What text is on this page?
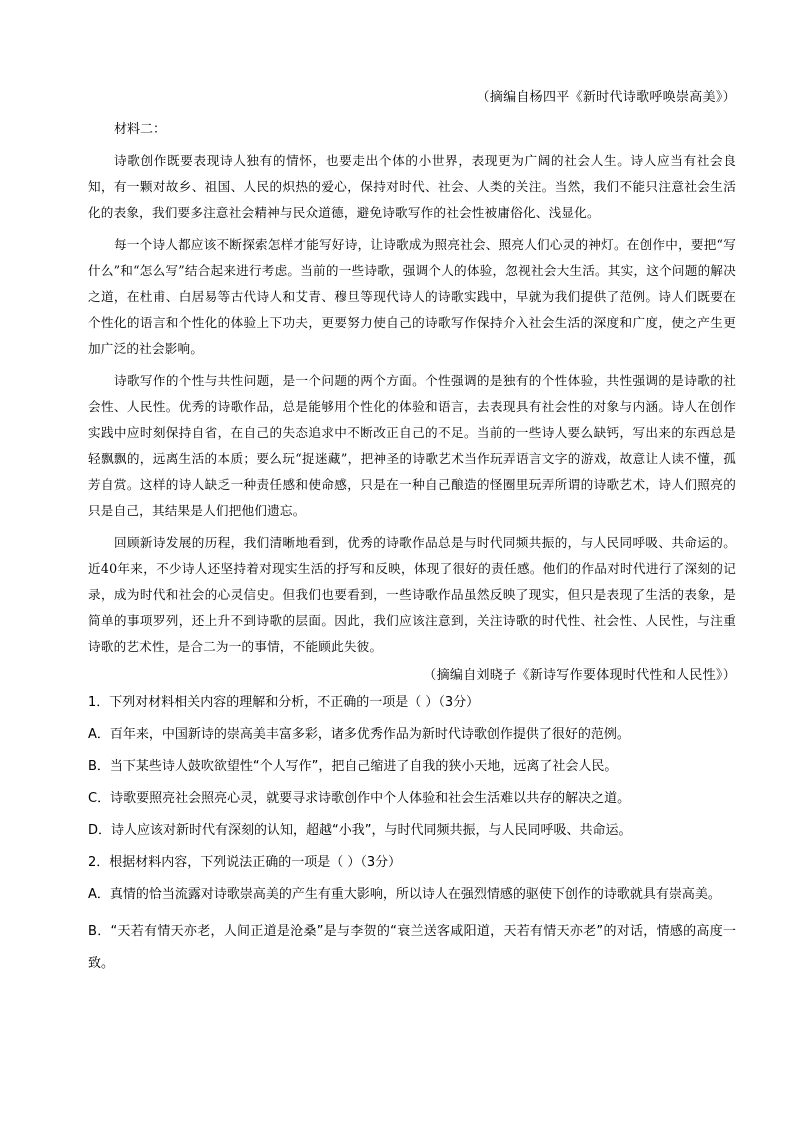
（摘编自杨四平《新时代诗歌呼唤崇高美》）
材料二：

诗歌创作既要表现诗人独有的情怀，也要走出个体的小世界，表现更为广阔的社会人生。诗人应当有社会良知，有一颗对故乡、祖国、人民的炽热的爱心，保持对时代、社会、人类的关注。当然，我们不能只注意社会生活化的表象，我们要多注意社会精神与民众道德，避免诗歌写作的社会性被庸俗化、浅显化。

每一个诗人都应该不断探索怎样才能写好诗，让诗歌成为照亮社会、照亮人们心灵的神灯。在创作中，要把“写什么”和“怎么写”结合起来进行考虑。当前的一些诗歌，强调个人的体验，忽视社会大生活。其实，这个问题的解决之道，在杜甫、白居易等古代诗人和艾青、穆旦等现代诗人的诗歌实践中，早就为我们提供了范例。诗人们既要在个性化的语言和个性化的体验上下功夫，更要努力使自己的诗歌写作保持介入社会生活的深度和广度，使之产生更加广泛的社会影响。

诗歌写作的个性与共性问题，是一个问题的两个方面。个性强调的是独有的个性体验，共性强调的是诗歌的社会性、人民性。优秀的诗歌作品，总是能够用个性化的体验和语言，去表现具有社会性的对象与内涵。诗人在创作实践中应时刻保持自省，在自己的失态追求中不断改正自己的不足。当前的一些诗人要么缺钙，写出来的东西总是轻飘飘的，远离生活的本质；要么玩“捉迷藏”，把神圣的诗歌艺术当作玩弄语言文字的游戏，故意让人读不懂，孤芳自赏。这样的诗人缺乏一种责任感和使命感，只是在一种自己酿造的怪圈里玩弄所谓的诗歌艺术，诗人们照亮的只是自己，其结果是人们把他们遗忘。

回顾新诗发展的历程，我们清晰地看到，优秀的诗歌作品总是与时代同频共振的，与人民同呼吸、共命运的。近40年来，不少诗人还坚持着对现实生活的抒写和反映，体现了很好的责任感。他们的作品对时代进行了深刻的记录，成为时代和社会的心灵信史。但我们也要看到，一些诗歌作品虽然反映了现实，但只是表现了生活的表象，是简单的事项罗列，还上升不到诗歌的层面。因此，我们应该注意到，关注诗歌的时代性、社会性、人民性，与注重诗歌的艺术性，是合二为一的事情，不能顾此失彼。

（摘编自刘晓子《新诗写作要体现时代性和人民性》）

1．下列对材料相关内容的理解和分析，不正确的一项是（ ）（3分）

A．百年来，中国新诗的崇高美丰富多彩，诸多优秀作品为新时代诗歌创作提供了很好的范例。

B．当下某些诗人鼓吹欲望性“个人写作”，把自己缩进了自我的狭小天地，远离了社会人民。

C．诗歌要照亮社会照亮心灵，就要寻求诗歌创作中个人体验和社会生活难以共存的解决之道。

D．诗人应该对新时代有深刻的认知，超越“小我”，与时代同频共振，与人民同呼吸、共命运。

2．根据材料内容，下列说法正确的一项是（ ）（3分）

A．真情的恰当流露对诗歌崇高美的产生有重大影响，所以诗人在强烈情感的驱使下创作的诗歌就具有崇高美。

B．“天若有情天亦老，人间正道是沧桑”是与李贺的“衰兰送客咸阳道，天若有情天亦老”的对话，情感的高度一致。
